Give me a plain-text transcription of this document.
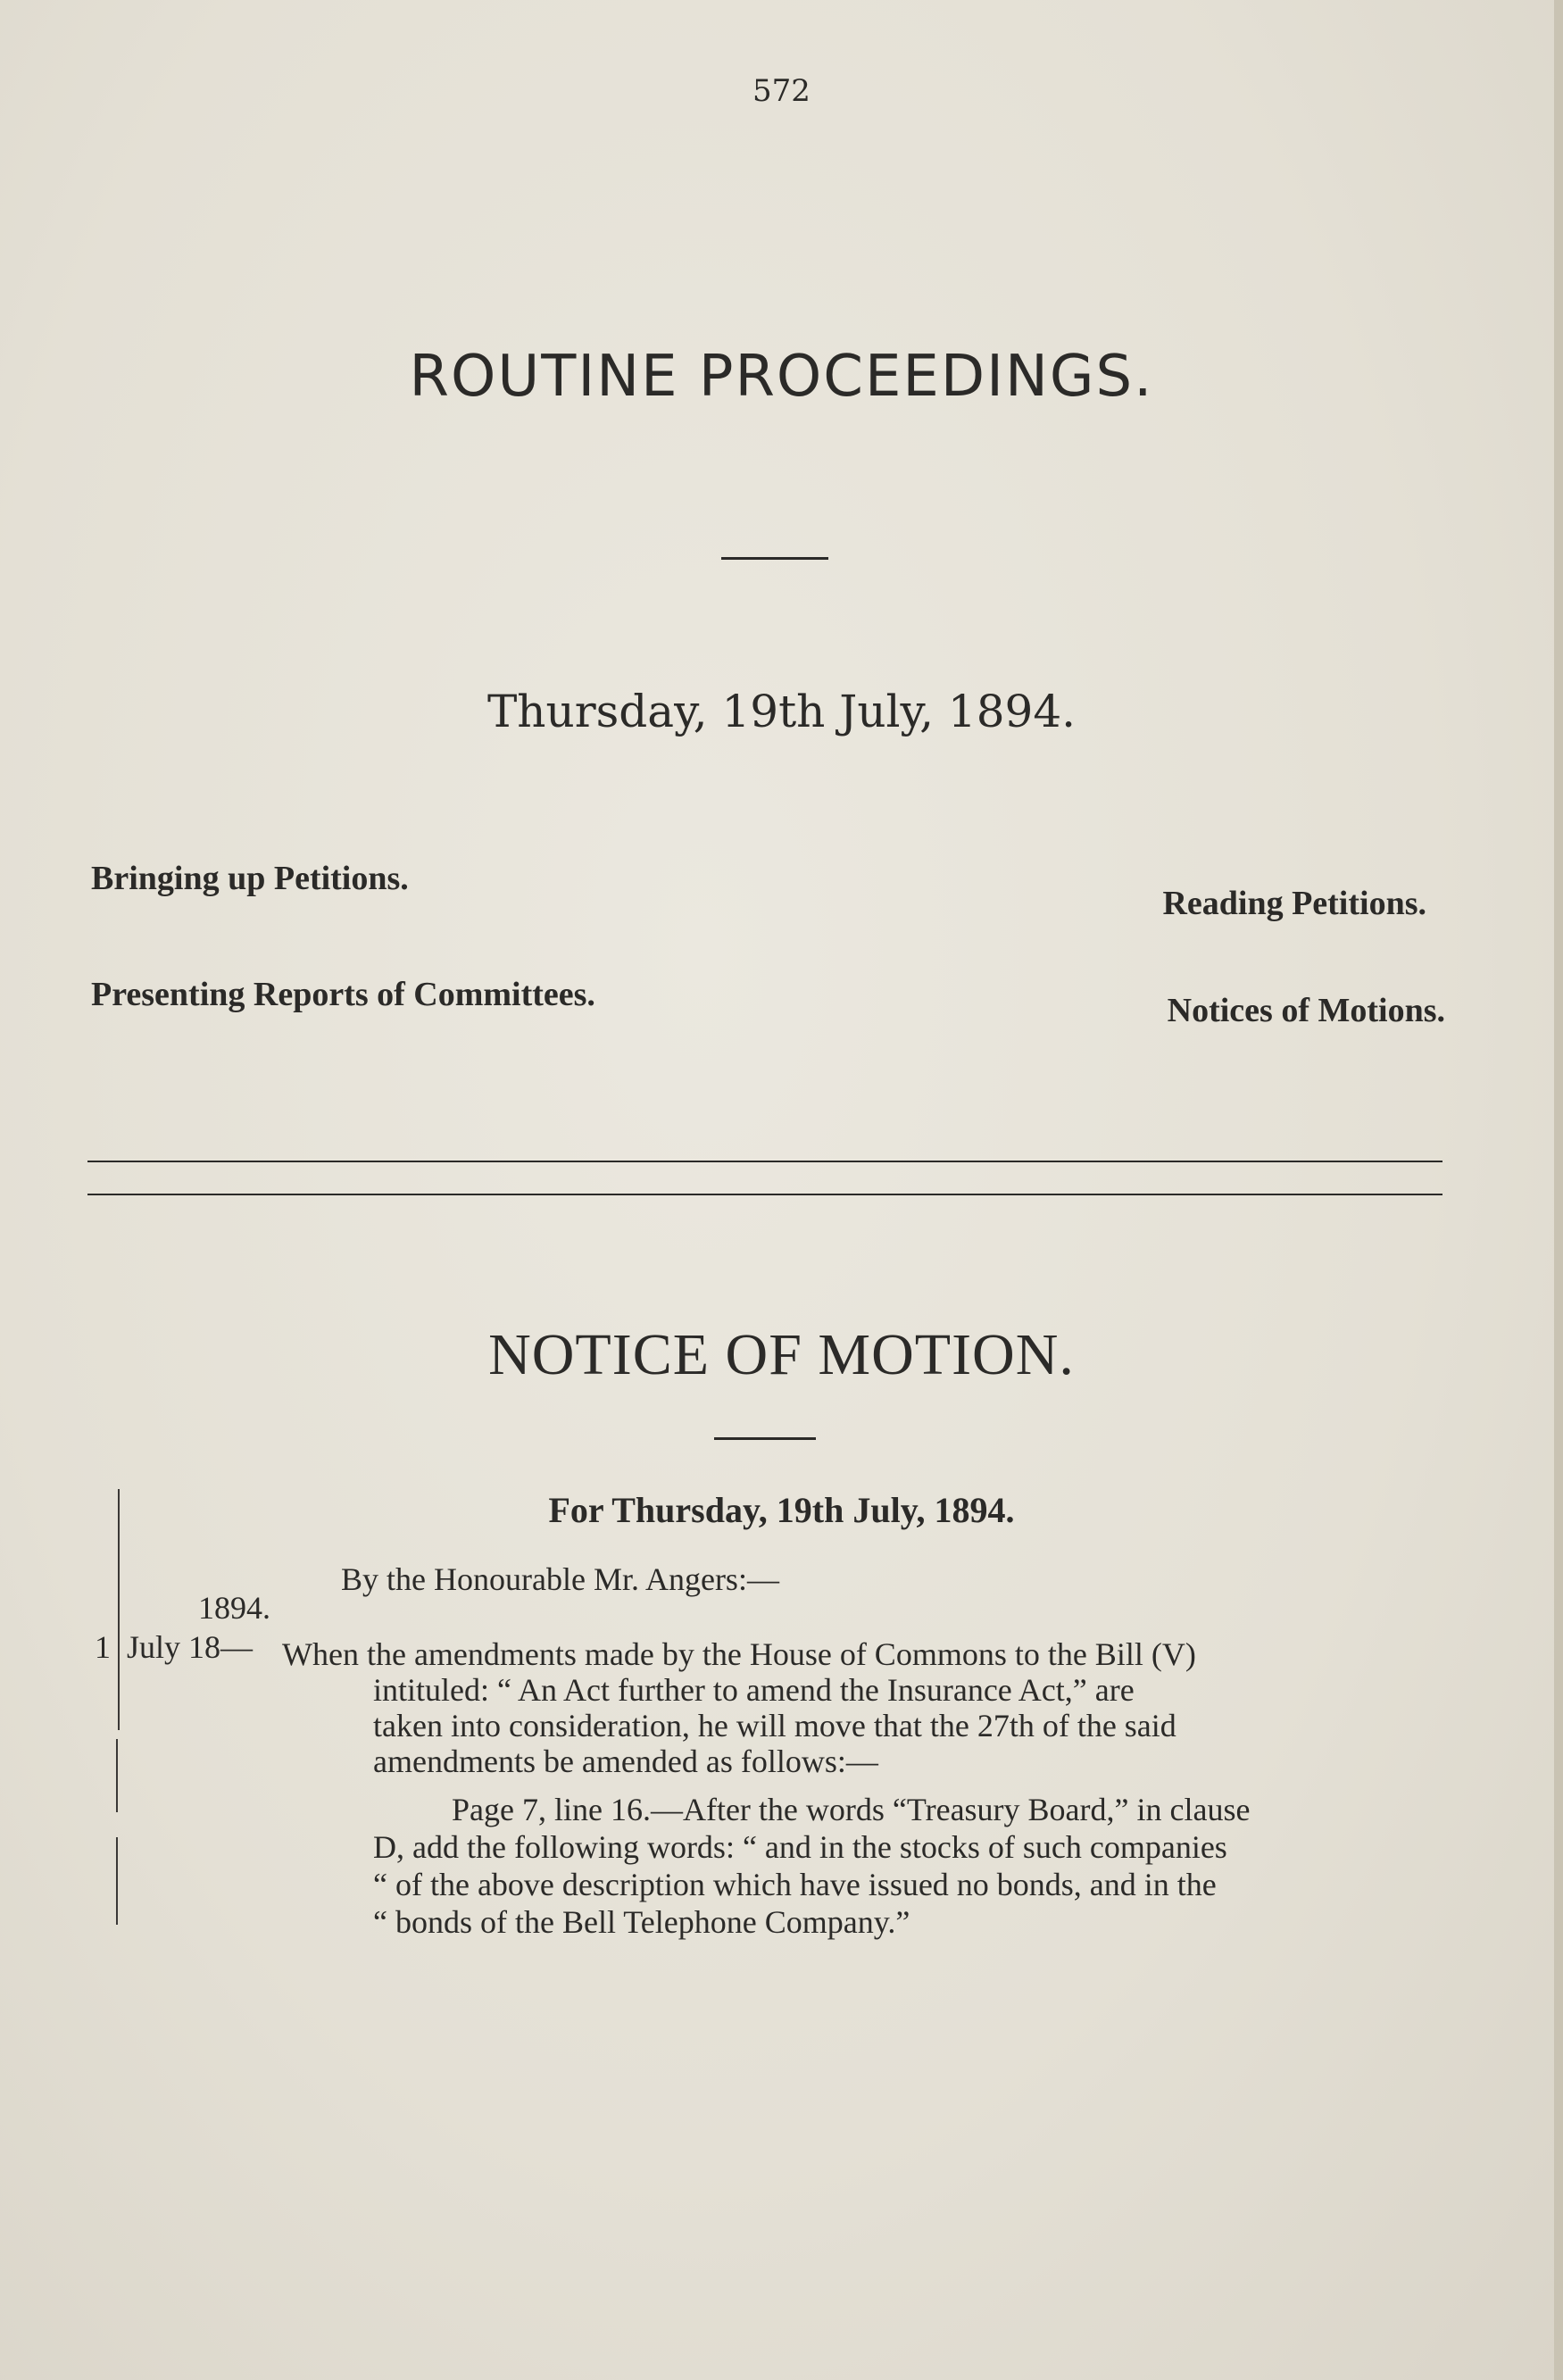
572
ROUTINE PROCEEDINGS.
Thursday, 19th July, 1894.
Bringing up Petitions.
Reading Petitions.
Presenting Reports of Committees.	Notices of Motions.
NOTICE OF MOTION.
For Thursday, 19th July, 1894.
By the Honourable Mr. Angers:—
1894.
1 July 18— When the amendments made by the House of Commons to the Bill (V)
intituled: “ An Act further to amend the Insurance Act,” are
taken into consideration, he will move that the 27th of the said
amendments be amended as follows:—
Page 7, line 16.—After the words “Treasury Board,” in clause
D, add the following words: “ and in the stocks of such companies
“ of the above description which have issued no bonds, and in the
“ bonds of the Bell Telephone Company.”
